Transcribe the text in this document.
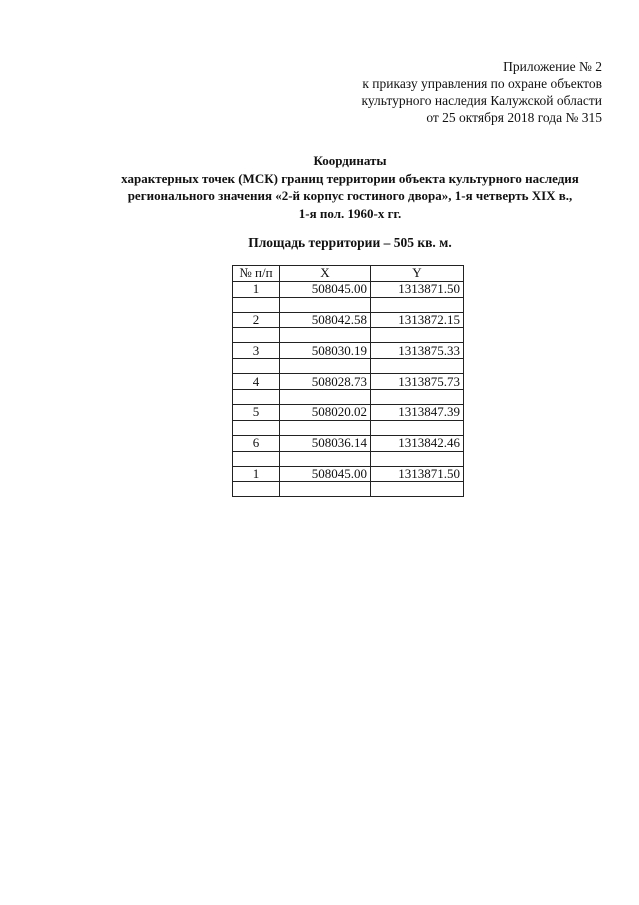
Приложение № 2
к приказу управления по охране объектов
культурного наследия Калужской области
от 25 октября 2018 года № 315
Координаты
характерных точек (МСК) границ территории объекта культурного наследия
регионального значения «2-й корпус гостиного двора», 1-я четверть XIX в.,
1-я пол. 1960-х гг.
Площадь территории – 505 кв. м.
№ п/п	X	Y
1	508045.00	1313871.50

2	508042.58	1313872.15

3	508030.19	1313875.33

4	508028.73	1313875.73

5	508020.02	1313847.39

6	508036.14	1313842.46

1	508045.00	1313871.50
